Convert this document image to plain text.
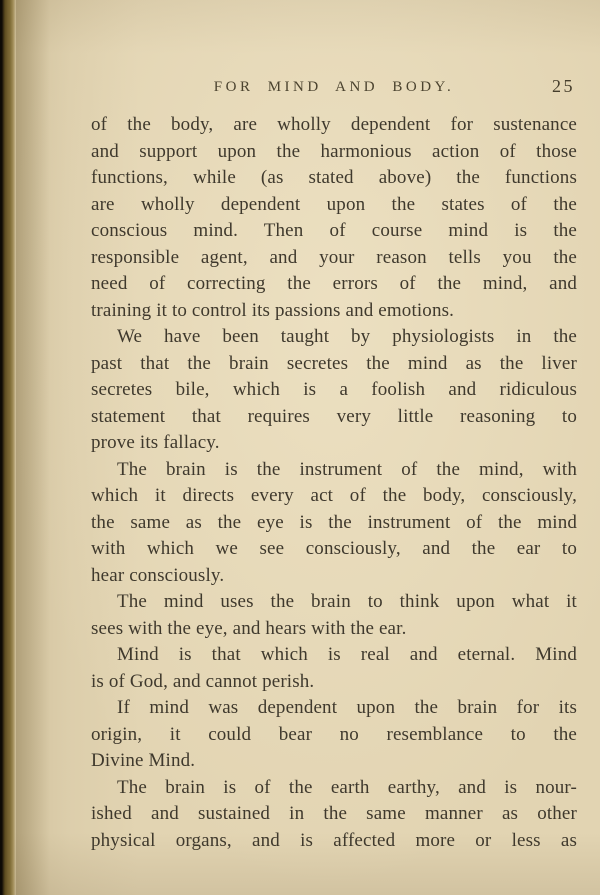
FOR MIND AND BODY.	25
of the body, are wholly dependent for sustenance
and support upon the harmonious action of those
functions, while (as stated above) the functions
are wholly dependent upon the states of the
conscious mind. Then of course mind is the
responsible agent, and your reason tells you the
need of correcting the errors of the mind, and
training it to control its passions and emotions.
We have been taught by physiologists in the
past that the brain secretes the mind as the liver
secretes bile, which is a foolish and ridiculous
statement that requires very little reasoning to
prove its fallacy.
The brain is the instrument of the mind, with
which it directs every act of the body, consciously,
the same as the eye is the instrument of the mind
with which we see consciously, and the ear to
hear consciously.
The mind uses the brain to think upon what it
sees with the eye, and hears with the ear.
Mind is that which is real and eternal. Mind
is of God, and cannot perish.
If mind was dependent upon the brain for its
origin, it could bear no resemblance to the
Divine Mind.
The brain is of the earth earthy, and is nour-
ished and sustained in the same manner as other
physical organs, and is affected more or less as
